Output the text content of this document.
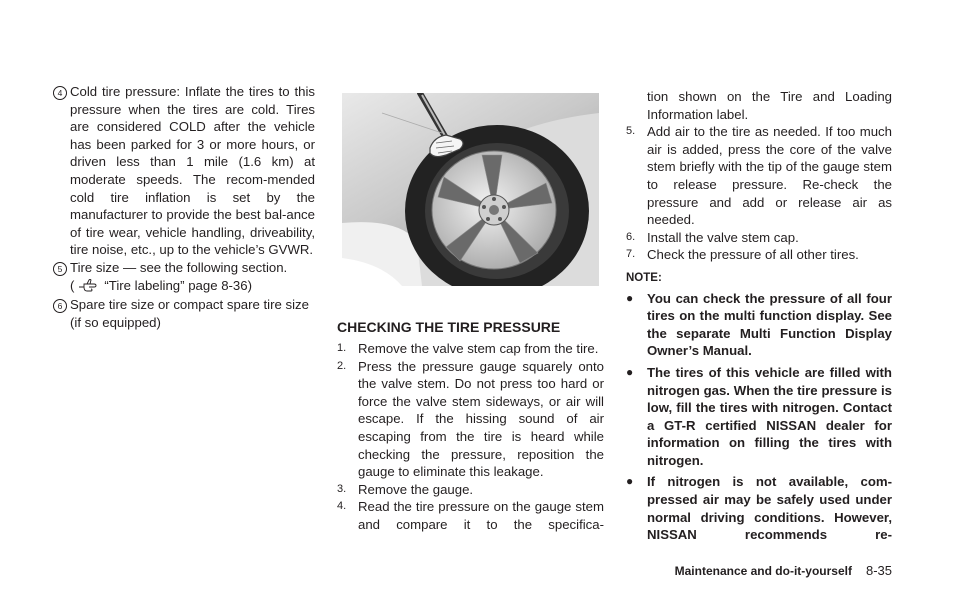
4 Cold tire pressure: Inflate the tires to this pressure when the tires are cold. Tires are considered COLD after the vehicle has been parked for 3 or more hours, or driven less than 1 mile (1.6 km) at moderate speeds. The recom-mended cold tire inflation is set by the manufacturer to provide the best bal-ance of tire wear, vehicle handling, driveability, tire noise, etc., up to the vehicle’s GVWR.
5 Tire size — see the following section.
( “Tire labeling” page 8-36)
6 Spare tire size or compact spare tire size (if so equipped)	CHECKING THE TIRE PRESSURE
1. Remove the valve stem cap from the tire.
2. Press the pressure gauge squarely onto the valve stem. Do not press too hard or force the valve stem sideways, or air will escape. If the hissing sound of air escaping from the tire is heard while checking the pressure, reposition the gauge to eliminate this leakage.
3. Remove the gauge.
4. Read the tire pressure on the gauge stem and compare it to the specifica-
tion shown on the Tire and Loading Information label.
5. Add air to the tire as needed. If too much air is added, press the core of the valve stem briefly with the tip of the gauge stem to release pressure. Re-check the pressure and add or release air as needed.
6. Install the valve stem cap.
7. Check the pressure of all other tires.
NOTE:
●	You can check the pressure of all four tires on the multi function display. See the separate Multi Function Display Owner’s Manual.
●	The tires of this vehicle are filled with nitrogen gas. When the tire pressure is low, fill the tires with nitrogen. Contact a GT-R certified NISSAN dealer for information on filling the tires with nitrogen.
●	If nitrogen is not available, com-pressed air may be safely used under normal driving conditions. However, NISSAN recommends re-
Maintenance and do-it-yourself 8-35
